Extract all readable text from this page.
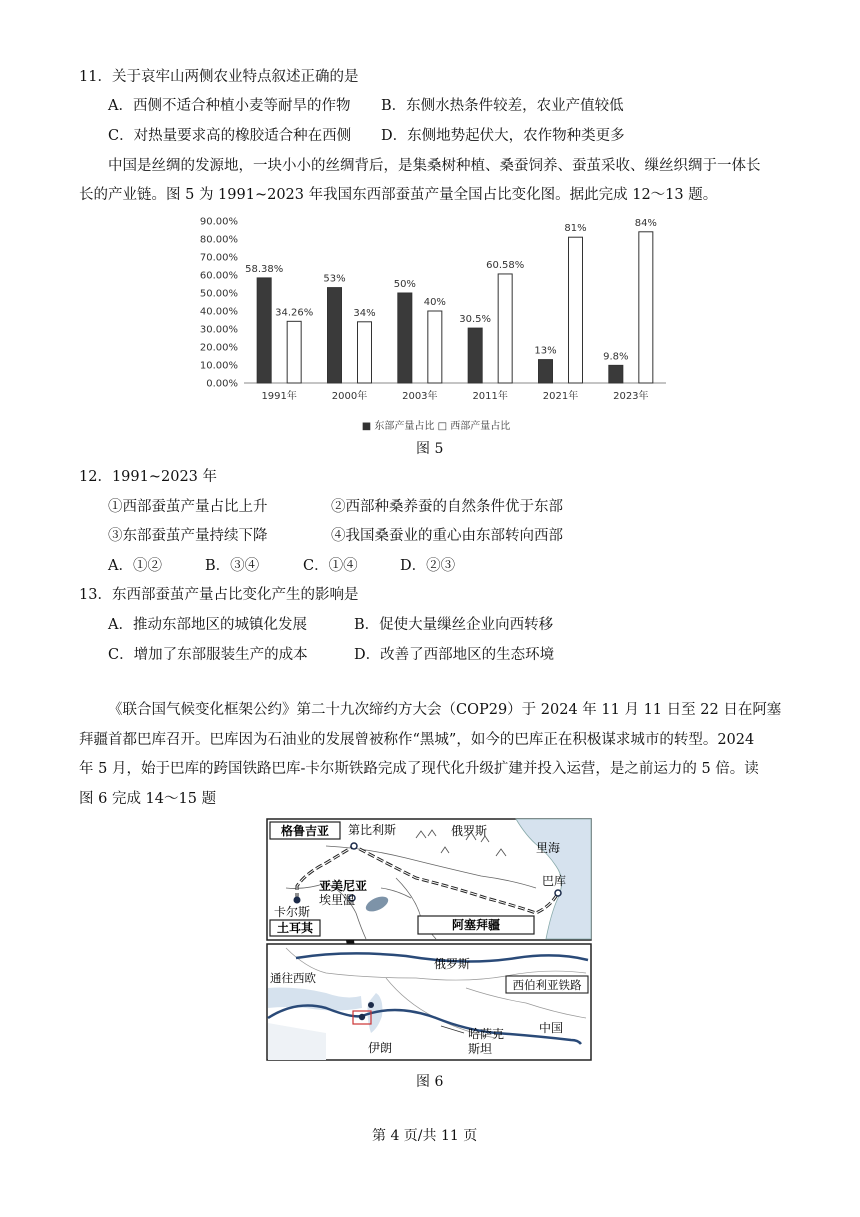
11．关于哀牢山两侧农业特点叙述正确的是
A．西侧不适合种植小麦等耐旱的作物 B．东侧水热条件较差，农业产值较低
C．对热量要求高的橡胶适合种在西侧 D．东侧地势起伏大，农作物种类更多
中国是丝绸的发源地，一块小小的丝绸背后，是集桑树种植、桑蚕饲养、蚕茧采收、缫丝织绸于一体长
长的产业链。图 5 为 1991~2023 年我国东西部蚕茧产量全国占比变化图。据此完成 12～13 题。
0.00%
10.00%
20.00%
30.00%
40.00%
50.00%
60.00%
70.00%
80.00%
90.00%
58.38%
34.26%
53%
34%
50%
40%
30.5%
60.58%
13%
81%
9.8%
84%
1991年	2000年	2003年	2011年	2021年	2023年
■ 东部产量占比 □ 西部产量占比
图 5
12．1991~2023 年
①西部蚕茧产量占比上升	②西部种桑养蚕的自然条件优于东部
③东部蚕茧产量持续下降	④我国桑蚕业的重心由东部转向西部
A．①②	B．③④	C．①④	D．②③
13．东西部蚕茧产量占比变化产生的影响是
A．推动东部地区的城镇化发展	B．促使大量缫丝企业向西转移
C．增加了东部服装生产的成本	D．改善了西部地区的生态环境
《联合国气候变化框架公约》第二十九次缔约方大会（COP29）于 2024 年 11 月 11 日至 22 日在阿塞
拜疆首都巴库召开。巴库因为石油业的发展曾被称作“黑城”，如今的巴库正在积极谋求城市的转型。2024
年 5 月，始于巴库的跨国铁路巴库-卡尔斯铁路完成了现代化升级扩建并投入运营，是之前运力的 5 倍。读
图 6 完成 14～15 题
格鲁吉亚 第比利斯	俄罗斯
里海
巴库
亚美尼亚
埃里温
卡尔斯
土耳其	阿塞拜疆
通往西欧
俄罗斯
西伯利亚铁路
哈萨克
斯坦
中国
伊朗
图 6
第 4 页/共 11 页
